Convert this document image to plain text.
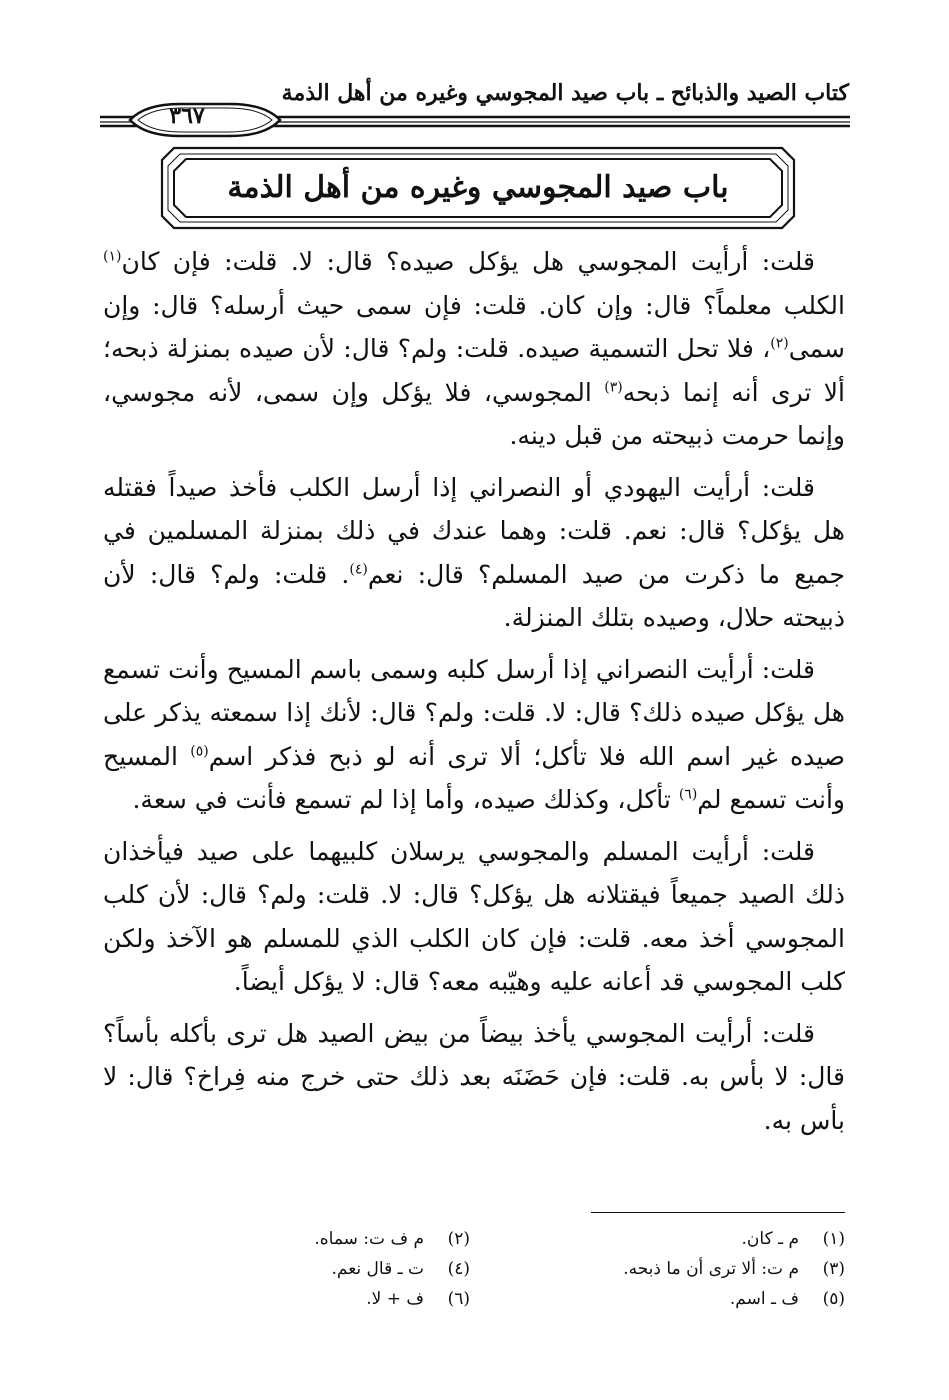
كتاب الصيد والذبائح ـ باب صيد المجوسي وغيره من أهل الذمة
٣٦٧
باب صيد المجوسي وغيره من أهل الذمة

قلت: أرأيت المجوسي هل يؤكل صيده؟ قال: لا. قلت: فإن كان$^{(١)}$ الكلب معلماً؟ قال: وإن كان. قلت: فإن سمى حيث أرسله؟ قال: وإن سمى$^{(٢)}$، فلا تحل التسمية صيده. قلت: ولم؟ قال: لأن صيده بمنزلة ذبحه؛ ألا ترى أنه إنما ذبحه$^{(٣)}$ المجوسي، فلا يؤكل وإن سمى، لأنه مجوسي، وإنما حرمت ذبيحته من قبل دينه.

قلت: أرأيت اليهودي أو النصراني إذا أرسل الكلب فأخذ صيداً فقتله هل يؤكل؟ قال: نعم. قلت: وهما عندك في ذلك بمنزلة المسلمين في جميع ما ذكرت من صيد المسلم؟ قال: نعم$^{(٤)}$. قلت: ولم؟ قال: لأن ذبيحته حلال، وصيده بتلك المنزلة.

قلت: أرأيت النصراني إذا أرسل كلبه وسمى باسم المسيح وأنت تسمع هل يؤكل صيده ذلك؟ قال: لا. قلت: ولم؟ قال: لأنك إذا سمعته يذكر على صيده غير اسم الله فلا تأكل؛ ألا ترى أنه لو ذبح فذكر اسم$^{(٥)}$ المسيح وأنت تسمع لم$^{(٦)}$ تأكل، وكذلك صيده، وأما إذا لم تسمع فأنت في سعة.

قلت: أرأيت المسلم والمجوسي يرسلان كلبيهما على صيد فيأخذان ذلك الصيد جميعاً فيقتلانه هل يؤكل؟ قال: لا. قلت: ولم؟ قال: لأن كلب المجوسي أخذ معه. قلت: فإن كان الكلب الذي للمسلم هو الآخذ ولكن كلب المجوسي قد أعانه عليه وهيّبه معه؟ قال: لا يؤكل أيضاً.

قلت: أرأيت المجوسي يأخذ بيضاً من بيض الصيد هل ترى بأكله بأساً؟ قال: لا بأس به. قلت: فإن حَضَنَه بعد ذلك حتى خرج منه فِراخ؟ قال: لا بأس به.

(١)م ـ كان.
(٢)م ف ت: سماه.
(٣)م ت: ألا ترى أن ما ذبحه.
(٤)ت ـ قال نعم.
(٥)ف ـ اسم.
(٦)ف + لا.
